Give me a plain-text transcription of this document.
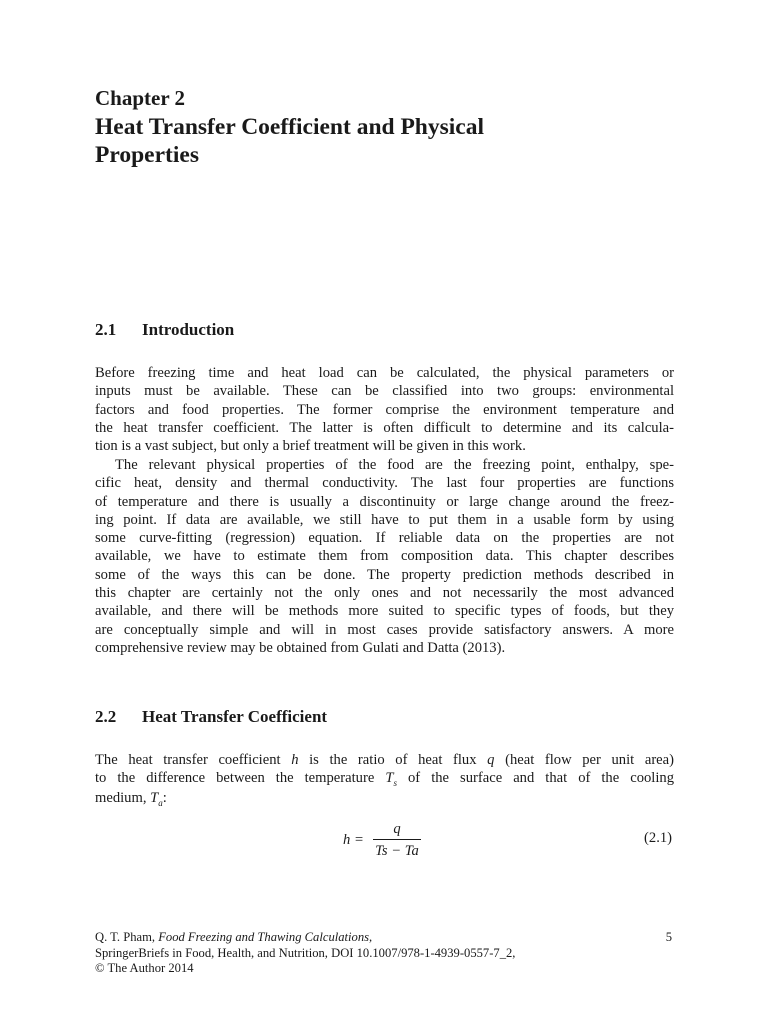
Chapter 2
Heat Transfer Coefficient and Physical
Properties
2.1 Introduction
Before freezing time and heat load can be calculated, the physical parameters or
inputs must be available. These can be classified into two groups: environmental
factors and food properties. The former comprise the environment temperature and
the heat transfer coefficient. The latter is often difficult to determine and its calcula-
tion is a vast subject, but only a brief treatment will be given in this work.
The relevant physical properties of the food are the freezing point, enthalpy, spe-
cific heat, density and thermal conductivity. The last four properties are functions
of temperature and there is usually a discontinuity or large change around the freez-
ing point. If data are available, we still have to put them in a usable form by using
some curve-fitting (regression) equation. If reliable data on the properties are not
available, we have to estimate them from composition data. This chapter describes
some of the ways this can be done. The property prediction methods described in
this chapter are certainly not the only ones and not necessarily the most advanced
available, and there will be methods more suited to specific types of foods, but they
are conceptually simple and will in most cases provide satisfactory answers. A more
comprehensive review may be obtained from Gulati and Datta (2013).
2.2 Heat Transfer Coefficient
The heat transfer coefficient h is the ratio of heat flux q (heat flow per unit area)
to the difference between the temperature $T_s$ of the surface and that of the cooling
medium, $T_a$:
h =
q
Ts − Ta
(2.1)
Q. T. Pham, Food Freezing and Thawing Calculations,
SpringerBriefs in Food, Health, and Nutrition, DOI 10.1007/978-1-4939-0557-7_2,
© The Author 2014
5
